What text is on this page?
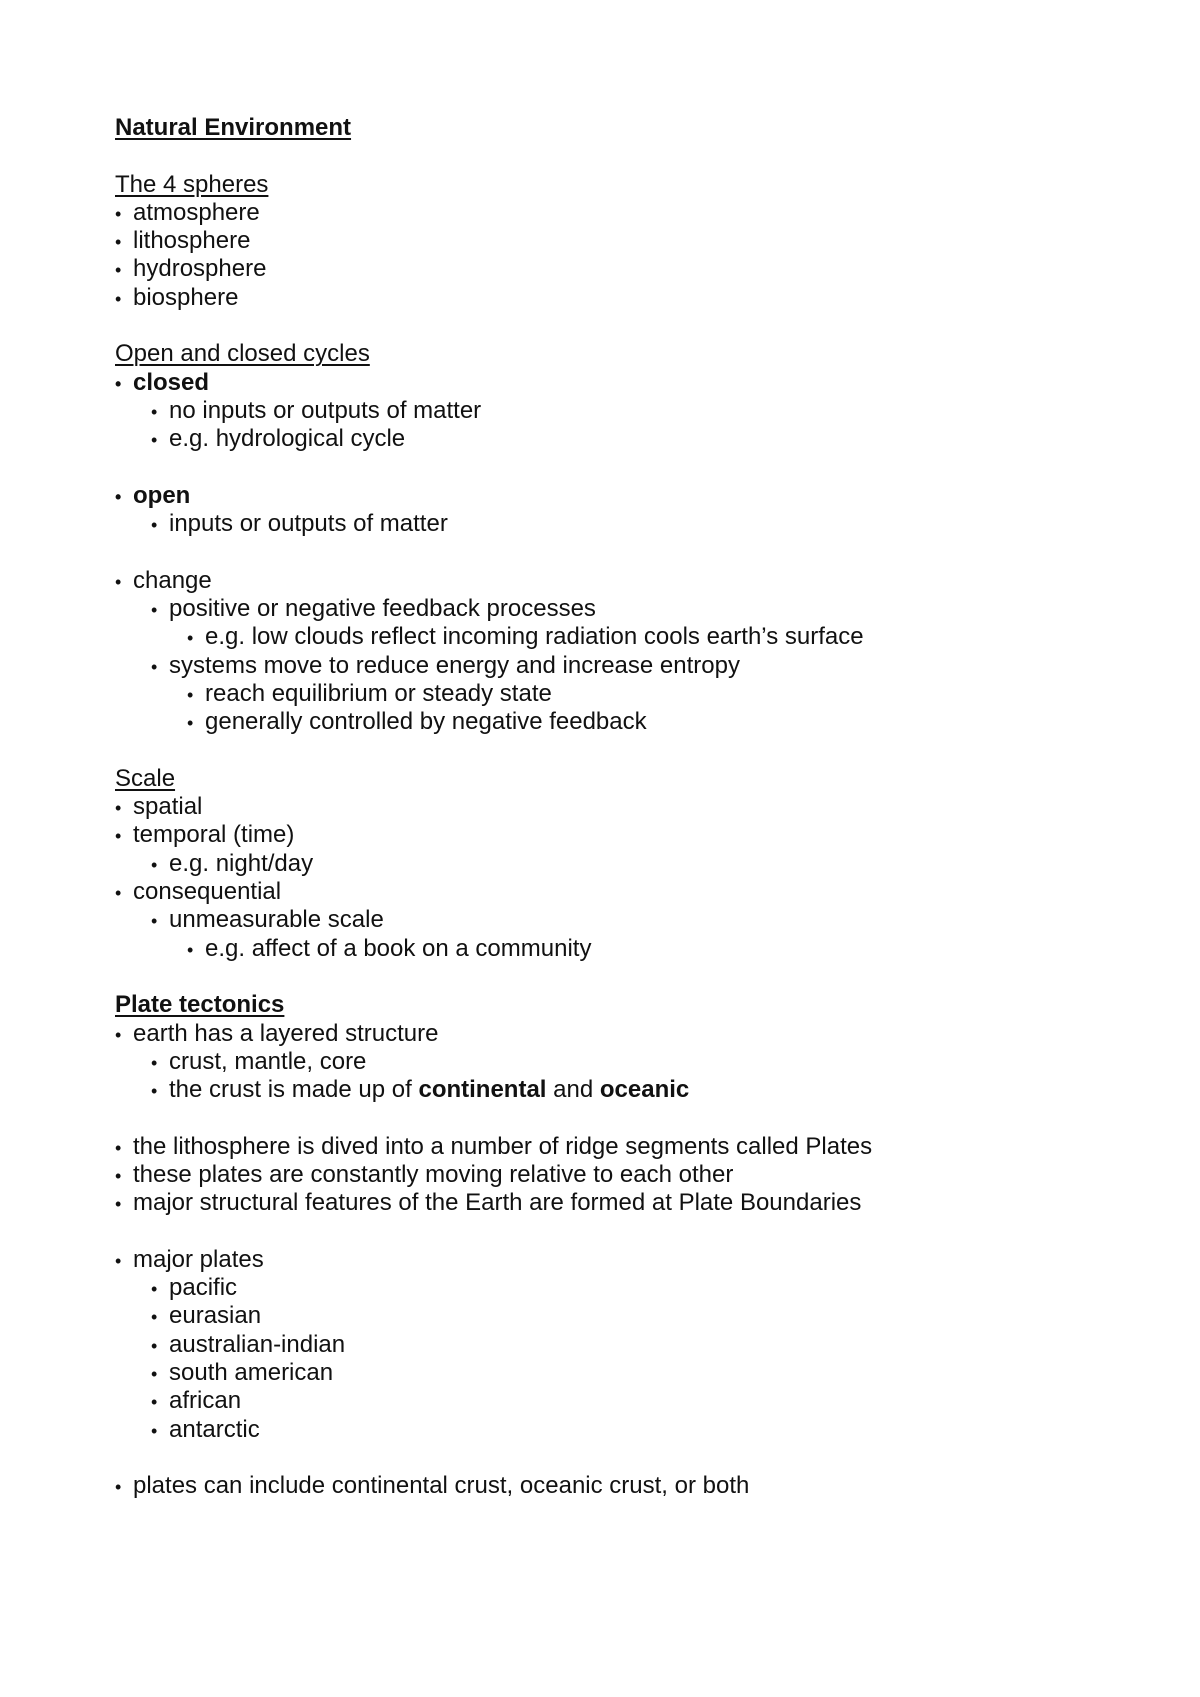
Natural Environment
The 4 spheres
• atmosphere
• lithosphere
• hydrosphere
• biosphere
Open and closed cycles
• closed
• no inputs or outputs of matter
• e.g. hydrological cycle
• open
• inputs or outputs of matter
• change
• positive or negative feedback processes
• e.g. low clouds reflect incoming radiation cools earth’s surface
• systems move to reduce energy and increase entropy
• reach equilibrium or steady state
• generally controlled by negative feedback
Scale
• spatial
• temporal (time)
• e.g. night/day
• consequential
• unmeasurable scale
• e.g. affect of a book on a community
Plate tectonics
• earth has a layered structure
• crust, mantle, core
• the crust is made up of continental and oceanic
• the lithosphere is dived into a number of ridge segments called Plates
• these plates are constantly moving relative to each other
• major structural features of the Earth are formed at Plate Boundaries
• major plates
• pacific
• eurasian
• australian-indian
• south american
• african
• antarctic
• plates can include continental crust, oceanic crust, or both
